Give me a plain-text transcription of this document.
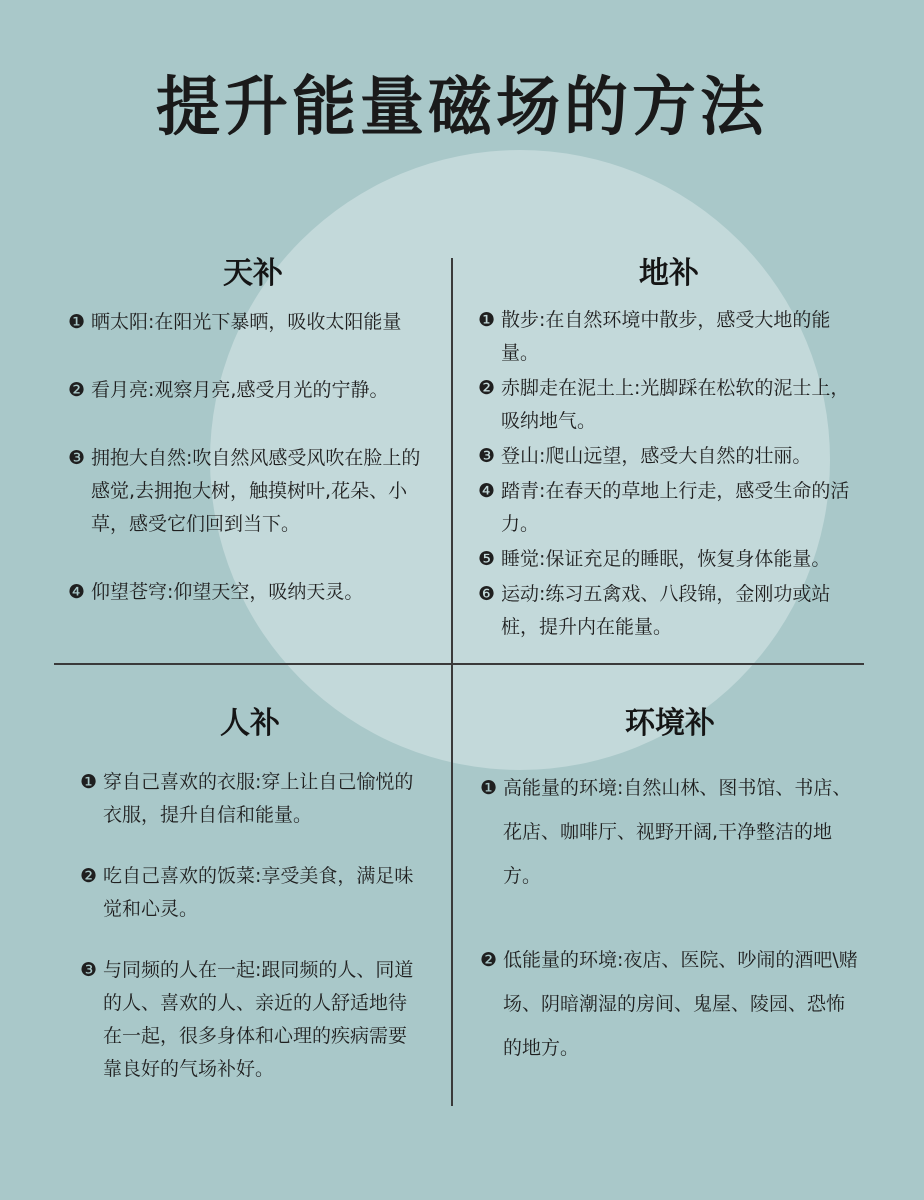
提升能量磁场的方法
天补
❶ 晒太阳:在阳光下暴晒，吸收太阳能量
❷ 看月亮:观察月亮,感受月光的宁静。
❸ 拥抱大自然:吹自然风感受风吹在脸上的感觉,去拥抱大树，触摸树叶,花朵、小草，感受它们回到当下。
❹ 仰望苍穹:仰望天空，吸纳天灵。
地补
❶ 散步:在自然环境中散步，感受大地的能量。
❷ 赤脚走在泥土上:光脚踩在松软的泥士上，吸纳地气。
❸ 登山:爬山远望，感受大自然的壮丽。
❹ 踏青:在春天的草地上行走，感受生命的活力。
❺ 睡觉:保证充足的睡眠，恢复身体能量。
❻ 运动:练习五禽戏、八段锦，金刚功或站桩，提升内在能量。
人补
❶ 穿自己喜欢的衣服:穿上让自己愉悦的衣服，提升自信和能量。
❷ 吃自己喜欢的饭菜:享受美食，满足味觉和心灵。
❸ 与同频的人在一起:跟同频的人、同道的人、喜欢的人、亲近的人舒适地待在一起，很多身体和心理的疾病需要靠良好的气场补好。
环境补
❶ 高能量的环境:自然山林、图书馆、书店、花店、咖啡厅、视野开阔,干净整洁的地方。
❷ 低能量的环境:夜店、医院、吵闹的酒吧\赌场、阴暗潮湿的房间、鬼屋、陵园、恐怖的地方。
